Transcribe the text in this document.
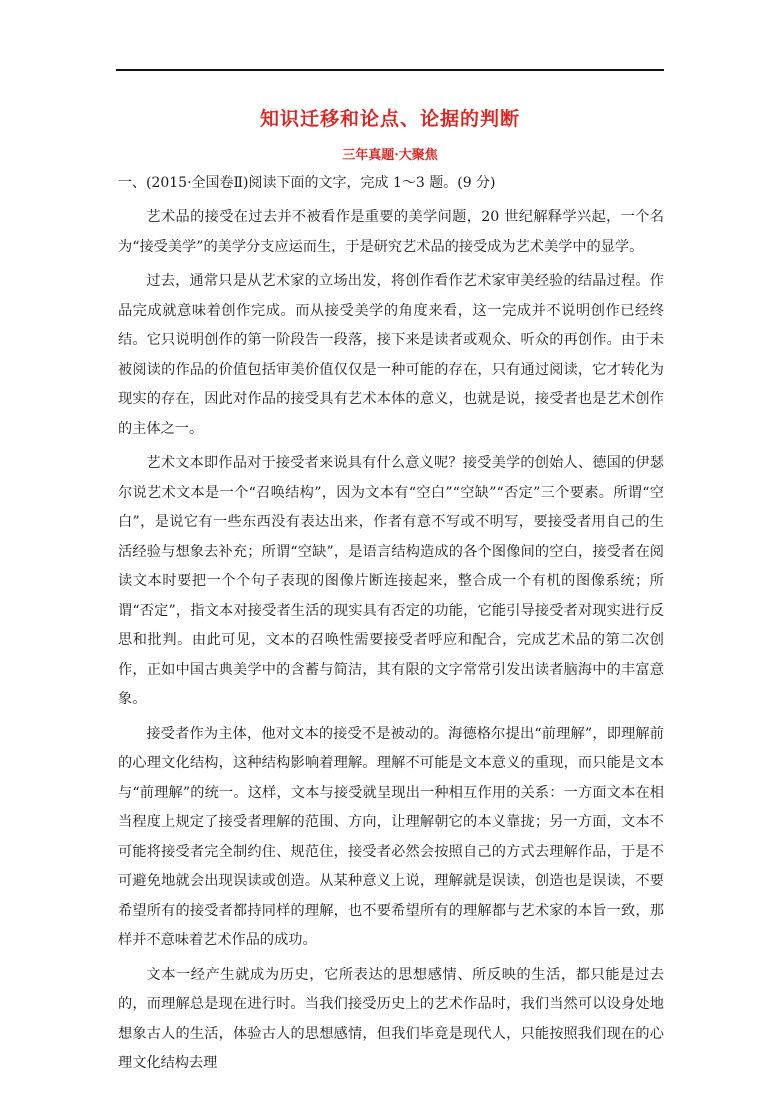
知识迁移和论点、论据的判断
三年真题·大聚焦
一、(2015·全国卷Ⅱ)阅读下面的文字，完成 1～3 题。(9 分)

艺术品的接受在过去并不被看作是重要的美学问题，20 世纪解释学兴起，一个名为“接受美学”的美学分支应运而生，于是研究艺术品的接受成为艺术美学中的显学。

过去，通常只是从艺术家的立场出发，将创作看作艺术家审美经验的结晶过程。作品完成就意味着创作完成。而从接受美学的角度来看，这一完成并不说明创作已经终结。它只说明创作的第一阶段告一段落，接下来是读者或观众、听众的再创作。由于未被阅读的作品的价值包括审美价值仅仅是一种可能的存在，只有通过阅读，它才转化为现实的存在，因此对作品的接受具有艺术本体的意义，也就是说，接受者也是艺术创作的主体之一。

艺术文本即作品对于接受者来说具有什么意义呢？接受美学的创始人、德国的伊瑟尔说艺术文本是一个“召唤结构”，因为文本有“空白”“空缺”“否定”三个要素。所谓“空白”，是说它有一些东西没有表达出来，作者有意不写或不明写，要接受者用自己的生活经验与想象去补充；所谓“空缺”，是语言结构造成的各个图像间的空白，接受者在阅读文本时要把一个个句子表现的图像片断连接起来，整合成一个有机的图像系统；所谓“否定”，指文本对接受者生活的现实具有否定的功能，它能引导接受者对现实进行反思和批判。由此可见，文本的召唤性需要接受者呼应和配合，完成艺术品的第二次创作，正如中国古典美学中的含蓄与简洁，其有限的文字常常引发出读者脑海中的丰富意象。

接受者作为主体，他对文本的接受不是被动的。海德格尔提出“前理解”，即理解前的心理文化结构，这种结构影响着理解。理解不可能是文本意义的重现，而只能是文本与“前理解”的统一。这样，文本与接受就呈现出一种相互作用的关系：一方面文本在相当程度上规定了接受者理解的范围、方向，让理解朝它的本义靠拢；另一方面，文本不可能将接受者完全制约住、规范住，接受者必然会按照自己的方式去理解作品，于是不可避免地就会出现误读或创造。从某种意义上说，理解就是误读，创造也是误读，不要希望所有的接受者都持同样的理解，也不要希望所有的理解都与艺术家的本旨一致，那样并不意味着艺术作品的成功。

文本一经产生就成为历史，它所表达的思想感情、所反映的生活，都只能是过去的，而理解总是现在进行时。当我们接受历史上的艺术作品时，我们当然可以设身处地想象古人的生活，体验古人的思想感情，但我们毕竟是现代人，只能按照我们现在的心理文化结构去理
